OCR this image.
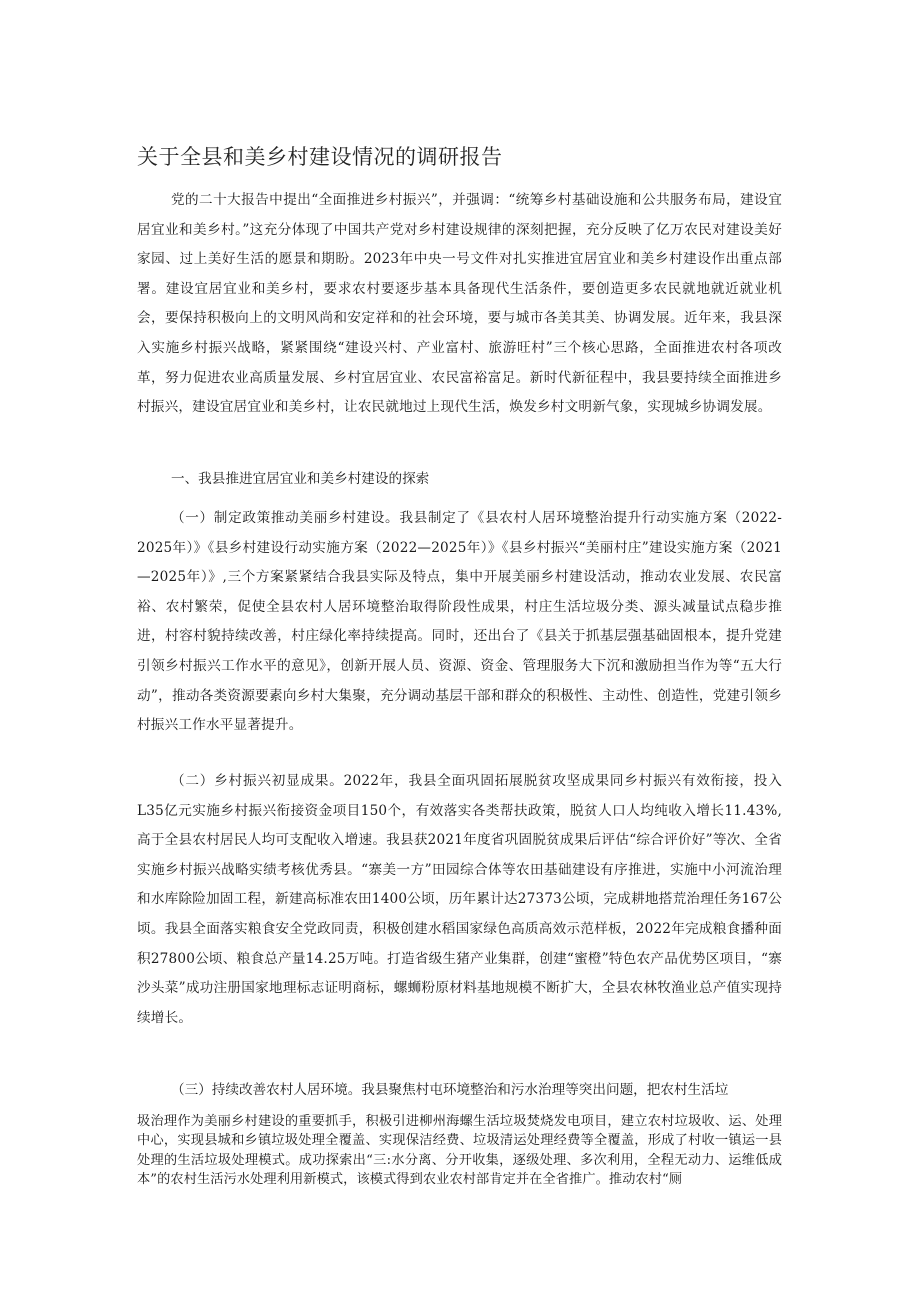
关于全县和美乡村建设情况的调研报告

党的二十大报告中提出“全面推进乡村振兴”，并强调：“统筹乡村基础设施和公共服务布局，建设宜居宜业和美乡村。”这充分体现了中国共产党对乡村建设规律的深刻把握，充分反映了亿万农民对建设美好家园、过上美好生活的愿景和期盼。2023年中央一号文件对扎实推进宜居宜业和美乡村建设作出重点部署。建设宜居宜业和美乡村，要求农村要逐步基本具备现代生活条件，要创造更多农民就地就近就业机会，要保持积极向上的文明风尚和安定祥和的社会环境，要与城市各美其美、协调发展。近年来，我县深入实施乡村振兴战略，紧紧围绕“建设兴村、产业富村、旅游旺村”三个核心思路，全面推进农村各项改革，努力促进农业高质量发展、乡村宜居宜业、农民富裕富足。新时代新征程中，我县要持续全面推进乡村振兴，建设宜居宜业和美乡村，让农民就地过上现代生活，焕发乡村文明新气象，实现城乡协调发展。

一、我县推进宜居宜业和美乡村建设的探索

（一）制定政策推动美丽乡村建设。我县制定了《县农村人居环境整治提升行动实施方案（2022-2025年）》《县乡村建设行动实施方案（2022—2025年）》《县乡村振兴“美丽村庄”建设实施方案（2021—2025年）》,三个方案紧紧结合我县实际及特点，集中开展美丽乡村建设活动，推动农业发展、农民富裕、农村繁荣，促使全县农村人居环境整治取得阶段性成果，村庄生活垃圾分类、源头减量试点稳步推进，村容村貌持续改善，村庄绿化率持续提高。同时，还出台了《县关于抓基层强基础固根本，提升党建引领乡村振兴工作水平的意见》，创新开展人员、资源、资金、管理服务大下沉和激励担当作为等“五大行动”，推动各类资源要素向乡村大集聚，充分调动基层干部和群众的积极性、主动性、创造性，党建引领乡村振兴工作水平显著提升。

（二）乡村振兴初显成果。2022年，我县全面巩固拓展脱贫攻坚成果同乡村振兴有效衔接，投入L35亿元实施乡村振兴衔接资金项目150个，有效落实各类帮扶政策，脱贫人口人均纯收入增长11.43%,高于全县农村居民人均可支配收入增速。我县获2021年度省巩固脱贫成果后评估“综合评价好”等次、全省实施乡村振兴战略实绩考核优秀县。“寨美一方”田园综合体等农田基础建设有序推进，实施中小河流治理和水库除险加固工程，新建高标准农田1400公顷，历年累计达27373公顷，完成耕地搭荒治理任务167公顷。我县全面落实粮食安全党政同责，积极创建水稻国家绿色高质高效示范样板，2022年完成粮食播种面积27800公顷、粮食总产量14.25万吨。打造省级生猪产业集群，创建“蜜橙”特色农产品优势区项目，“寨沙头菜”成功注册国家地理标志证明商标，螺蛳粉原材料基地规模不断扩大，全县农林牧渔业总产值实现持续增长。

（三）持续改善农村人居环境。我县聚焦村屯环境整治和污水治理等突出问题，把农村生活垃

圾治理作为美丽乡村建设的重要抓手，积极引进柳州海螺生活垃圾焚烧发电项目，建立农村垃圾收、运、处理中心，实现县城和乡镇垃圾处理全覆盖、实现保洁经费、垃圾清运处理经费等全覆盖，形成了村收一镇运一县处理的生活垃圾处理模式。成功探索出“三:水分离、分开收集，逐级处理、多次利用，全程无动力、运维低成本”的农村生活污水处理利用新模式，该模式得到农业农村部肯定并在全省推广。推动农村“厕
